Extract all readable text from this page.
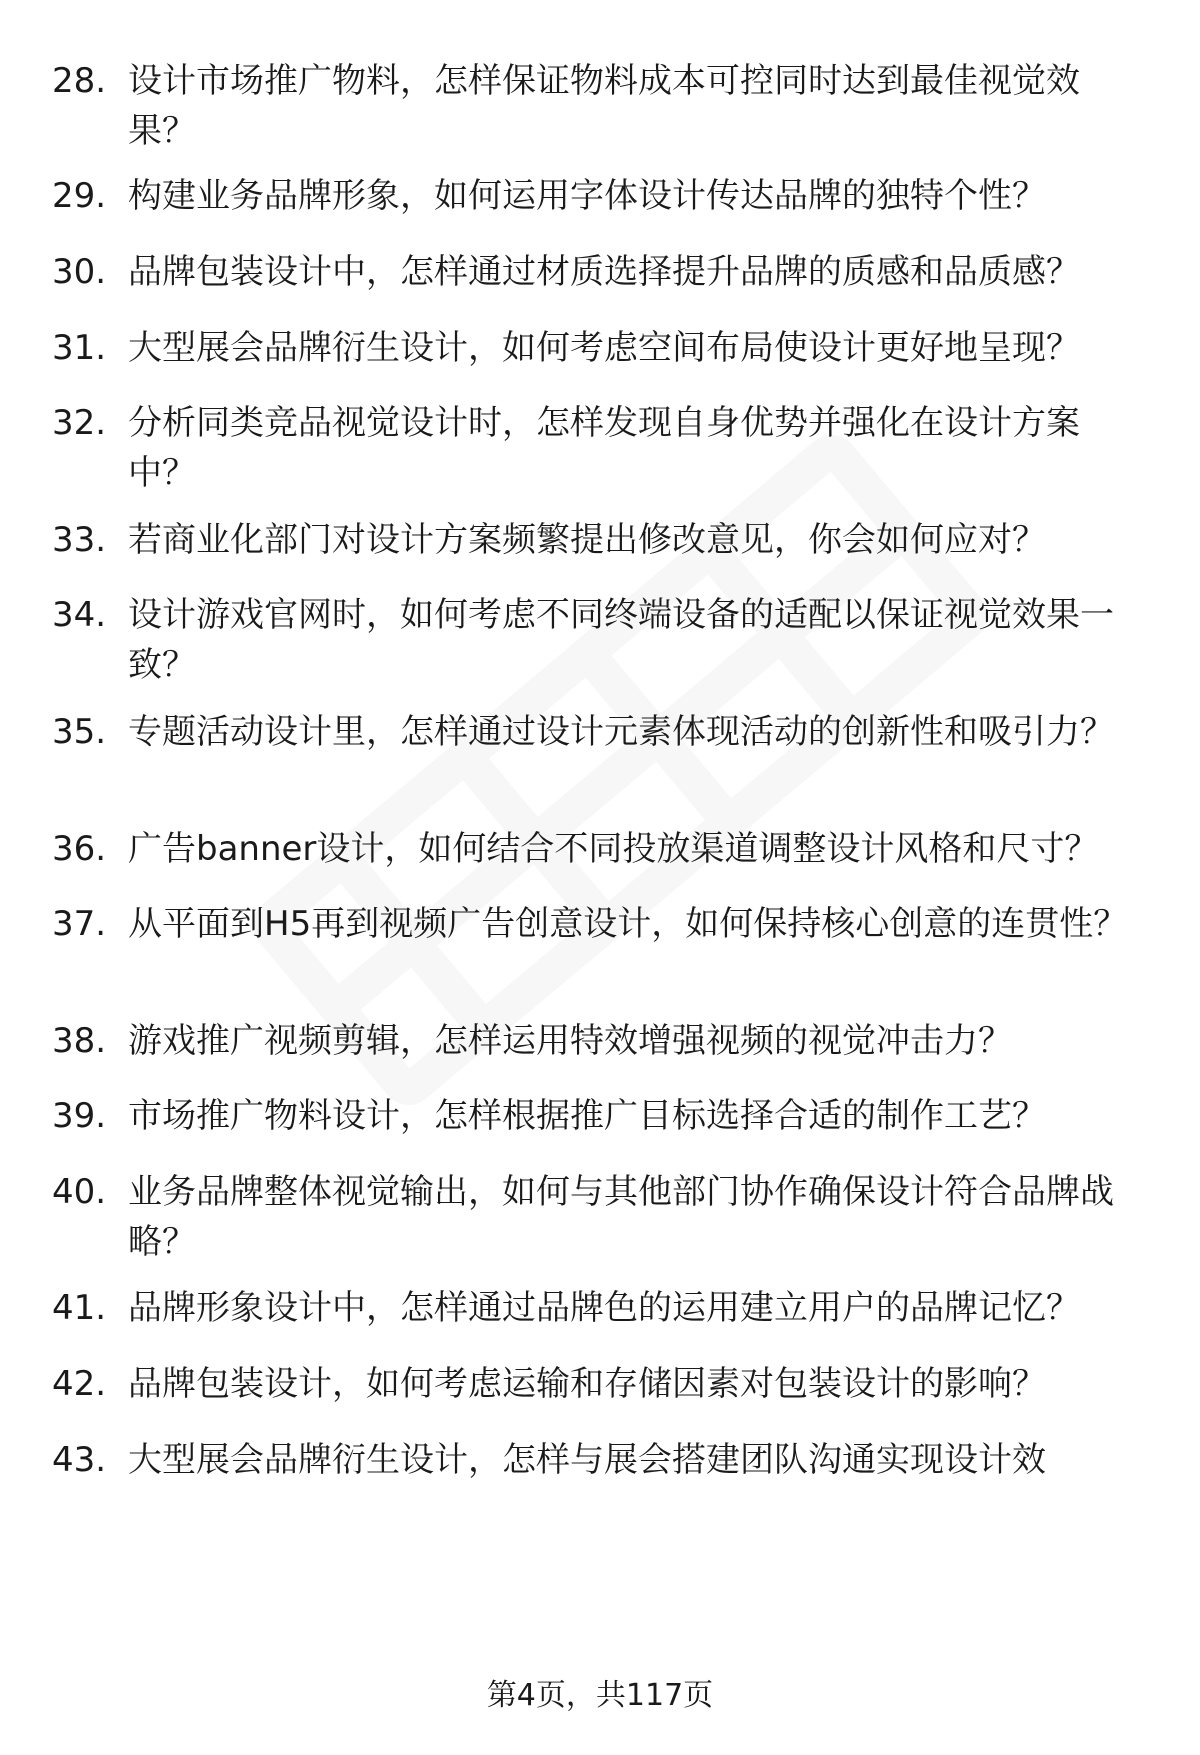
28. 设计市场推广物料，怎样保证物料成本可控同时达到最佳视觉效果？
29. 构建业务品牌形象，如何运用字体设计传达品牌的独特个性？
30. 品牌包装设计中，怎样通过材质选择提升品牌的质感和品质感？
31. 大型展会品牌衍生设计，如何考虑空间布局使设计更好地呈现？
32. 分析同类竞品视觉设计时，怎样发现自身优势并强化在设计方案中？
33. 若商业化部门对设计方案频繁提出修改意见，你会如何应对？
34. 设计游戏官网时，如何考虑不同终端设备的适配以保证视觉效果一致？
35. 专题活动设计里，怎样通过设计元素体现活动的创新性和吸引力？
36. 广告banner设计，如何结合不同投放渠道调整设计风格和尺寸？
37. 从平面到H5再到视频广告创意设计，如何保持核心创意的连贯性？
38. 游戏推广视频剪辑，怎样运用特效增强视频的视觉冲击力？
39. 市场推广物料设计，怎样根据推广目标选择合适的制作工艺？
40. 业务品牌整体视觉输出，如何与其他部门协作确保设计符合品牌战略？
41. 品牌形象设计中，怎样通过品牌色的运用建立用户的品牌记忆？
42. 品牌包装设计，如何考虑运输和存储因素对包装设计的影响？
43. 大型展会品牌衍生设计，怎样与展会搭建团队沟通实现设计效
第4页，共117页
